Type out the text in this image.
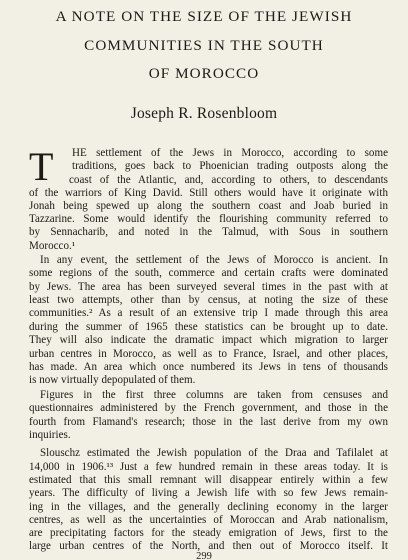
A NOTE ON THE SIZE OF THE JEWISH
COMMUNITIES IN THE SOUTH
OF MOROCCO
Joseph R. Rosenbloom
T HE settlement of the Jews in Morocco, according to some
traditions, goes back to Phoenician trading outposts along the
coast of the Atlantic, and, according to others, to descendants
of the warriors of King David. Still others would have it originate with
Jonah being spewed up along the southern coast and Joab buried in
Tazzarine. Some would identify the flourishing community referred to
by Sennacharib, and noted in the Talmud, with Sous in southern
Morocco.¹
In any event, the settlement of the Jews of Morocco is ancient. In
some regions of the south, commerce and certain crafts were dominated
by Jews. The area has been surveyed several times in the past with at
least two attempts, other than by census, at noting the size of these
communities.² As a result of an extensive trip I made through this area
during the summer of 1965 these statistics can be brought up to date.
They will also indicate the dramatic impact which migration to larger
urban centres in Morocco, as well as to France, Israel, and other places,
has made. An area which once numbered its Jews in tens of thousands
is now virtually depopulated of them.
Figures in the first three columns are taken from censuses and
questionnaires administered by the French government, and those in the
fourth from Flamand's research; those in the last derive from my own
inquiries.
Slouschz estimated the Jewish population of the Draa and Tafilalet at
14,000 in 1906.¹³ Just a few hundred remain in these areas today. It is
estimated that this small remnant will disappear entirely within a few
years. The difficulty of living a Jewish life with so few Jews remain-
ing in the villages, and the generally declining economy in the larger
centres, as well as the uncertainties of Moroccan and Arab nationalism,
are precipitating factors for the steady emigration of Jews, first to the
large urban centres of the North, and then out of Morocco itself. It
299
